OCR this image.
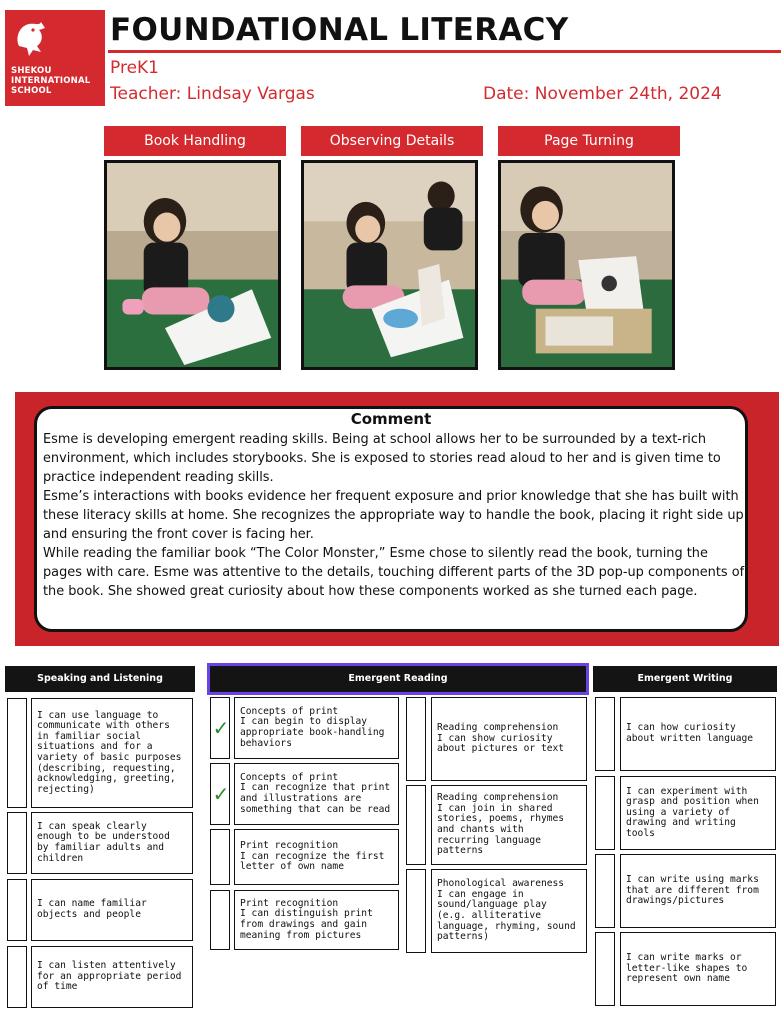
SHEKOU
INTERNATIONAL
SCHOOL
FOUNDATIONAL LITERACY
PreK1
Teacher: Lindsay Vargas	Date: November 24th, 2024
Book Handling	Observing Details	Page Turning
Comment

Esme is developing emergent reading skills. Being at school allows her to be surrounded by a text-rich environment, which includes storybooks. She is exposed to stories read aloud to her and is given time to practice independent reading skills.

Esme’s interactions with books evidence her frequent exposure and prior knowledge that she has built with these literacy skills at home. She recognizes the appropriate way to handle the book, placing it right side up and ensuring the front cover is facing her.

While reading the familiar book “The Color Monster,” Esme chose to silently read the book, turning the pages with care. Esme was attentive to the details, touching different parts of the 3D pop-up components of the book. She showed great curiosity about how these components worked as she turned each page.

Speaking and Listening	Emergent Reading	Emergent Writing
I can use language to communicate with others in familiar social situations and for a variety of basic purposes (describing, requesting, acknowledging, greeting, rejecting)
I can speak clearly enough to be understood by familiar adults and children
I can name familiar objects and people
I can listen attentively for an appropriate period of time
✓
Concepts of print
I can begin to display appropriate book-handling behaviors
✓
Concepts of print
I can recognize that print and illustrations are something that can be read
Print recognition
I can recognize the first letter of own name
Print recognition
I can distinguish print from drawings and gain meaning from pictures
Reading comprehension
I can show curiosity about pictures or text
Reading comprehension
I can join in shared stories, poems, rhymes and chants with recurring language patterns
Phonological awareness
I can engage in sound/language play (e.g. alliterative language, rhyming, sound patterns)
I can how curiosity about written language
I can experiment with grasp and position when using a variety of drawing and writing tools
I can write using marks that are different from drawings/pictures
I can write marks or letter-like shapes to represent own name
